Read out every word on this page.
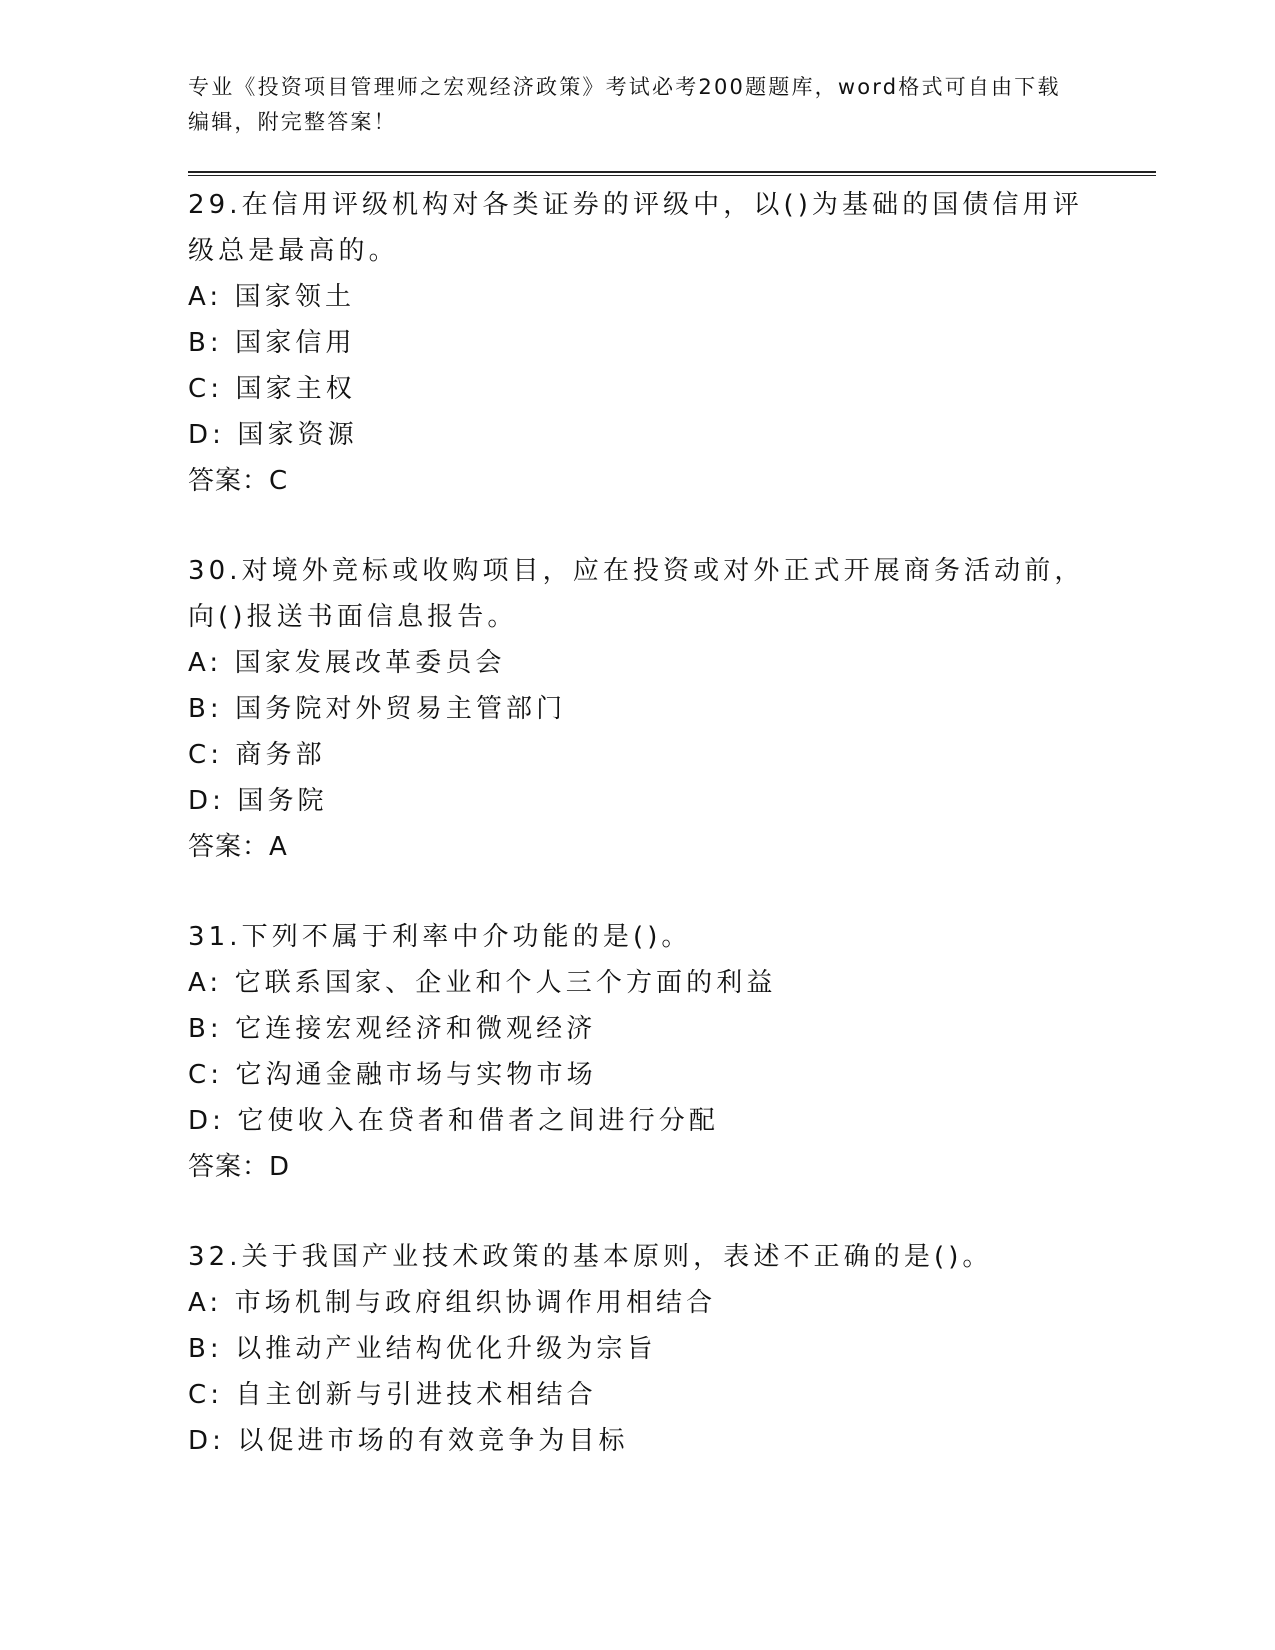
专业《投资项目管理师之宏观经济政策》考试必考200题题库，word格式可自由下载编辑，附完整答案！
29.在信用评级机构对各类证券的评级中，以()为基础的国债信用评级总是最高的。
A: 国家领土
B: 国家信用
C: 国家主权
D: 国家资源
答案：C
30.对境外竞标或收购项目，应在投资或对外正式开展商务活动前，向()报送书面信息报告。
A: 国家发展改革委员会
B: 国务院对外贸易主管部门
C: 商务部
D: 国务院
答案：A
31.下列不属于利率中介功能的是()。
A: 它联系国家、企业和个人三个方面的利益
B: 它连接宏观经济和微观经济
C: 它沟通金融市场与实物市场
D: 它使收入在贷者和借者之间进行分配
答案：D
32.关于我国产业技术政策的基本原则，表述不正确的是()。
A: 市场机制与政府组织协调作用相结合
B: 以推动产业结构优化升级为宗旨
C: 自主创新与引进技术相结合
D: 以促进市场的有效竞争为目标
